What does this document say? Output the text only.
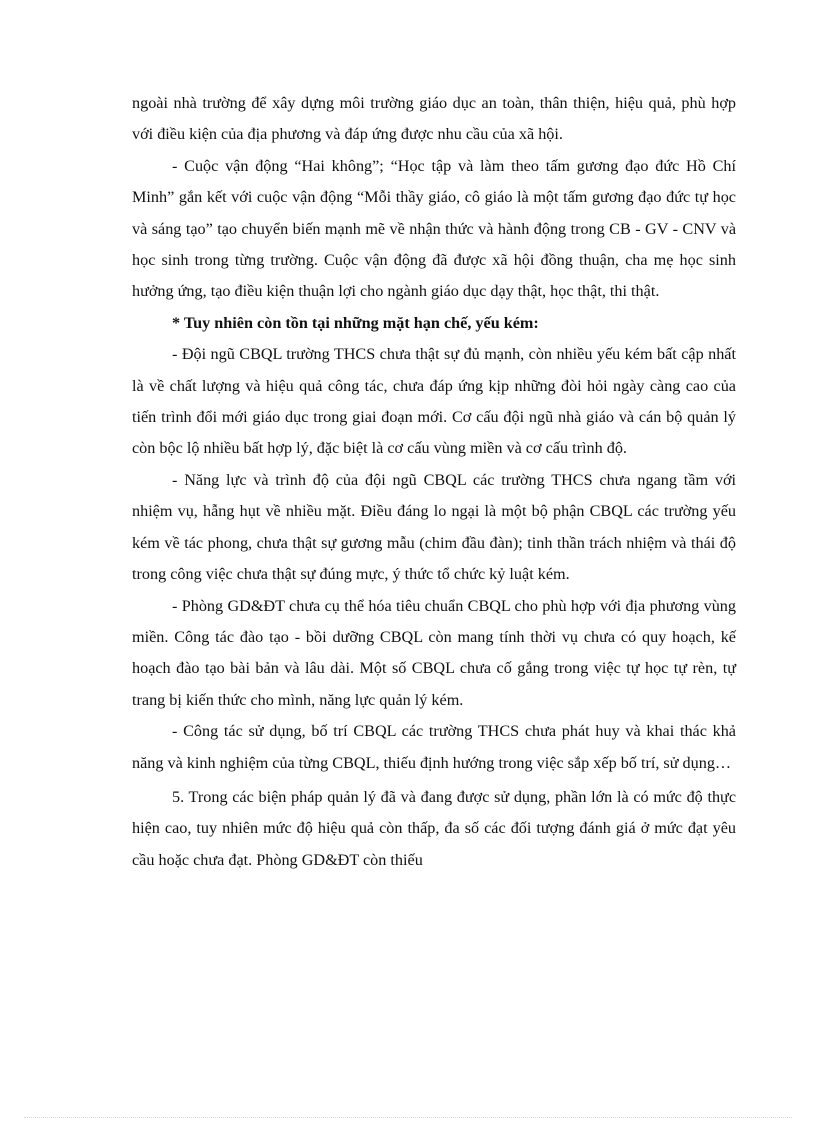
ngoài nhà trường để xây dựng môi trường giáo dục an toàn, thân thiện, hiệu quả, phù hợp với điều kiện của địa phương và đáp ứng được nhu cầu của xã hội.

- Cuộc vận động “Hai không”; “Học tập và làm theo tấm gương đạo đức Hồ Chí Minh” gắn kết với cuộc vận động “Mỗi thầy giáo, cô giáo là một tấm gương đạo đức tự học và sáng tạo” tạo chuyển biến mạnh mẽ về nhận thức và hành động trong CB - GV - CNV và học sinh trong từng trường. Cuộc vận động đã được xã hội đồng thuận, cha mẹ học sinh hưởng ứng, tạo điều kiện thuận lợi cho ngành giáo dục dạy thật, học thật, thi thật.

* Tuy nhiên còn tồn tại những mặt hạn chế, yếu kém:

- Đội ngũ CBQL trường THCS chưa thật sự đủ mạnh, còn nhiều yếu kém bất cập nhất là về chất lượng và hiệu quả công tác, chưa đáp ứng kịp những đòi hỏi ngày càng cao của tiến trình đổi mới giáo dục trong giai đoạn mới. Cơ cấu đội ngũ nhà giáo và cán bộ quản lý còn bộc lộ nhiều bất hợp lý, đặc biệt là cơ cấu vùng miền và cơ cấu trình độ.

- Năng lực và trình độ của đội ngũ CBQL các trường THCS chưa ngang tầm với nhiệm vụ, hẫng hụt về nhiều mặt. Điều đáng lo ngại là một bộ phận CBQL các trường yếu kém về tác phong, chưa thật sự gương mẫu (chim đầu đàn); tinh thần trách nhiệm và thái độ trong công việc chưa thật sự đúng mực, ý thức tổ chức kỷ luật kém.

- Phòng GD&ĐT chưa cụ thể hóa tiêu chuẩn CBQL cho phù hợp với địa phương vùng miền. Công tác đào tạo - bồi dưỡng CBQL còn mang tính thời vụ chưa có quy hoạch, kế hoạch đào tạo bài bản và lâu dài. Một số CBQL chưa cố gắng trong việc tự học tự rèn, tự trang bị kiến thức cho mình, năng lực quản lý kém.

- Công tác sử dụng, bố trí CBQL các trường THCS chưa phát huy và khai thác khả năng và kinh nghiệm của từng CBQL, thiếu định hướng trong việc sắp xếp bố trí, sử dụng…

5. Trong các biện pháp quản lý đã và đang được sử dụng, phần lớn là có mức độ thực hiện cao, tuy nhiên mức độ hiệu quả còn thấp, đa số các đối tượng đánh giá ở mức đạt yêu cầu hoặc chưa đạt. Phòng GD&ĐT còn thiếu
